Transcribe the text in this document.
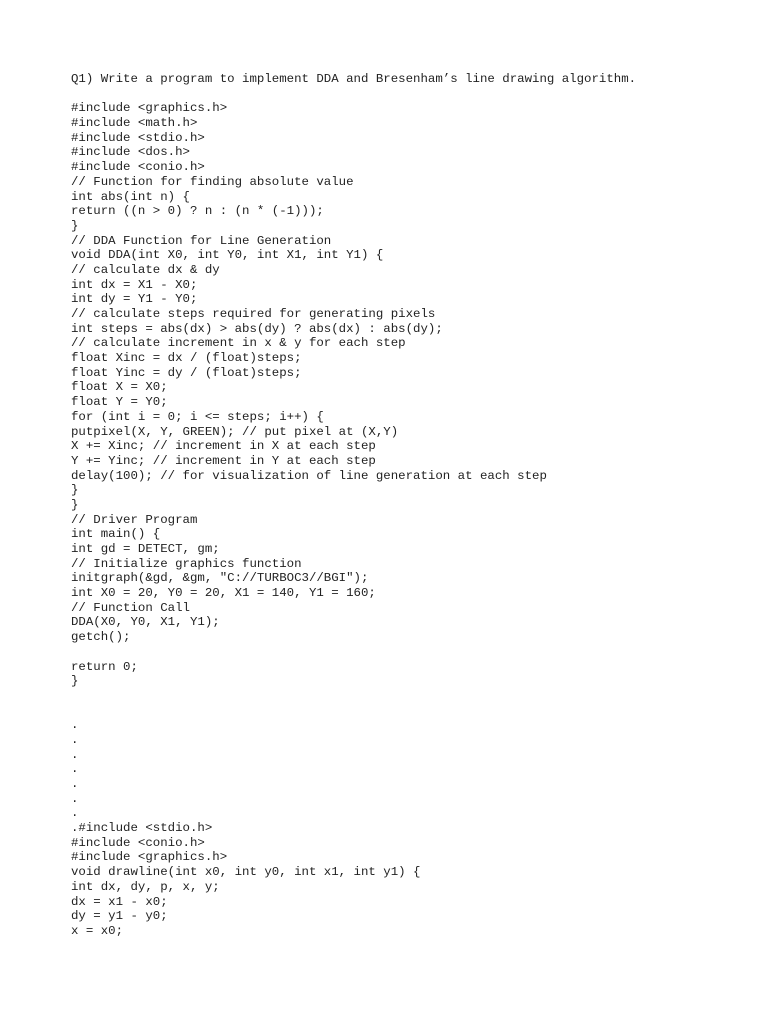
Q1) Write a program to implement DDA and Bresenham’s line drawing algorithm.
#include <graphics.h>
#include <math.h>
#include <stdio.h>
#include <dos.h>
#include <conio.h>
// Function for finding absolute value
int abs(int n) {
return ((n > 0) ? n : (n * (-1)));
}
// DDA Function for Line Generation
void DDA(int X0, int Y0, int X1, int Y1) {
// calculate dx & dy
int dx = X1 - X0;
int dy = Y1 - Y0;
// calculate steps required for generating pixels
int steps = abs(dx) > abs(dy) ? abs(dx) : abs(dy);
// calculate increment in x & y for each step
float Xinc = dx / (float)steps;
float Yinc = dy / (float)steps;
float X = X0;
float Y = Y0;
for (int i = 0; i <= steps; i++) {
putpixel(X, Y, GREEN); // put pixel at (X,Y)
X += Xinc; // increment in X at each step
Y += Yinc; // increment in Y at each step
delay(100); // for visualization of line generation at each step
}
}
// Driver Program
int main() {
int gd = DETECT, gm;
// Initialize graphics function
initgraph(&gd, &gm, "C://TURBOC3//BGI");
int X0 = 20, Y0 = 20, X1 = 140, Y1 = 160;
// Function Call
DDA(X0, Y0, X1, Y1);
getch();
return 0;
}
.
.
.
.
.
.
.
.#include <stdio.h>
#include <conio.h>
#include <graphics.h>
void drawline(int x0, int y0, int x1, int y1) {
int dx, dy, p, x, y;
dx = x1 - x0;
dy = y1 - y0;
x = x0;
